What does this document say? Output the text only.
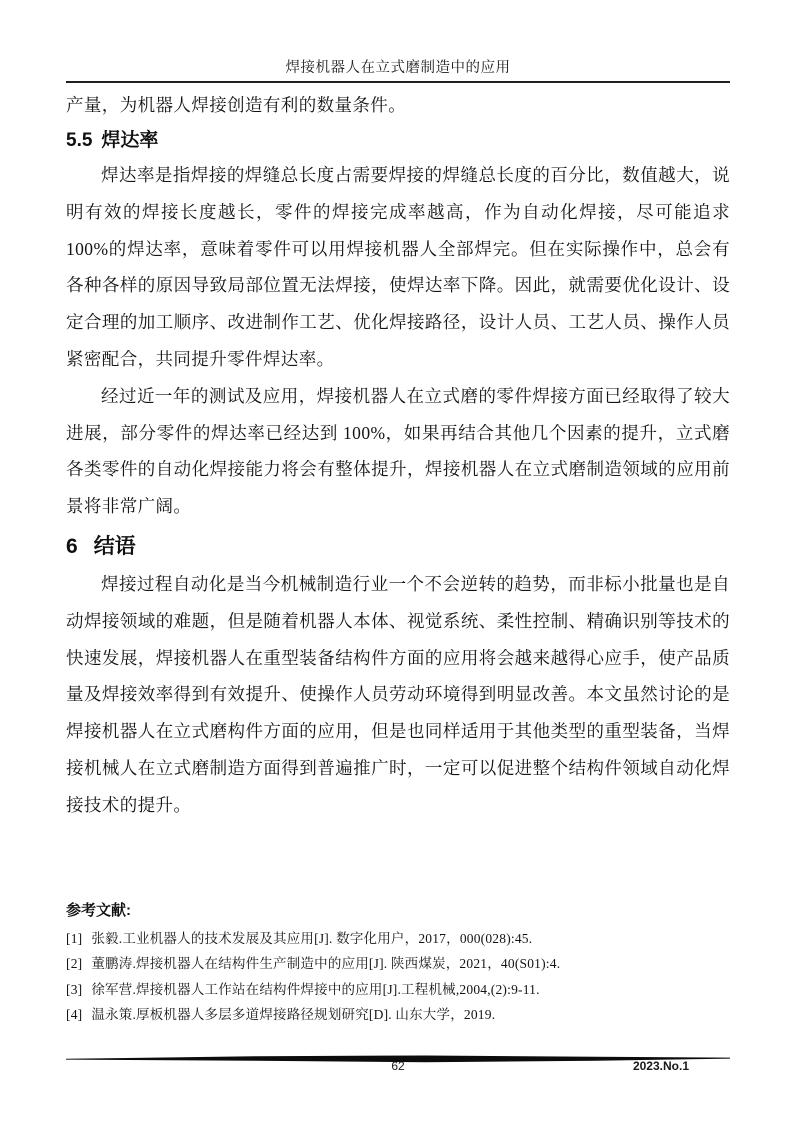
焊接机器人在立式磨制造中的应用

产量，为机器人焊接创造有利的数量条件。

5.5 焊达率

焊达率是指焊接的焊缝总长度占需要焊接的焊缝总长度的百分比，数值越大，说明有效的焊接长度越长，零件的焊接完成率越高，作为自动化焊接，尽可能追求 100%的焊达率，意味着零件可以用焊接机器人全部焊完。但在实际操作中，总会有各种各样的原因导致局部位置无法焊接，使焊达率下降。因此，就需要优化设计、设定合理的加工顺序、改进制作工艺、优化焊接路径，设计人员、工艺人员、操作人员紧密配合，共同提升零件焊达率。

经过近一年的测试及应用，焊接机器人在立式磨的零件焊接方面已经取得了较大进展，部分零件的焊达率已经达到 100%，如果再结合其他几个因素的提升，立式磨各类零件的自动化焊接能力将会有整体提升，焊接机器人在立式磨制造领域的应用前景将非常广阔。

6 结语

焊接过程自动化是当今机械制造行业一个不会逆转的趋势，而非标小批量也是自动焊接领域的难题，但是随着机器人本体、视觉系统、柔性控制、精确识别等技术的快速发展，焊接机器人在重型装备结构件方面的应用将会越来越得心应手，使产品质量及焊接效率得到有效提升、使操作人员劳动环境得到明显改善。本文虽然讨论的是焊接机器人在立式磨构件方面的应用，但是也同样适用于其他类型的重型装备，当焊接机械人在立式磨制造方面得到普遍推广时，一定可以促进整个结构件领域自动化焊接技术的提升。

参考文献:

[1] 张毅.工业机器人的技术发展及其应用[J]. 数字化用户，2017，000(028):45.

[2] 董鹏涛.焊接机器人在结构件生产制造中的应用[J]. 陕西煤炭，2021，40(S01):4.

[3] 徐军营.焊接机器人工作站在结构件焊接中的应用[J].工程机械,2004,(2):9-11.

[4] 温永策.厚板机器人多层多道焊接路径规划研究[D]. 山东大学，2019.

62	2023.No.1
